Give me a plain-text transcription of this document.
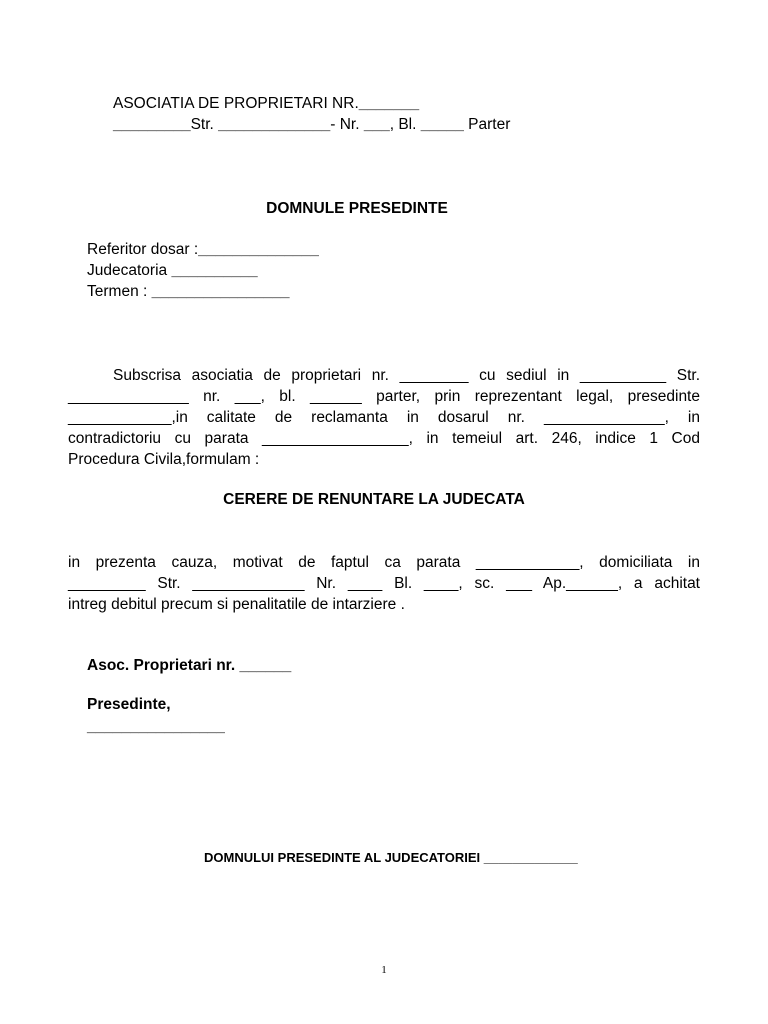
ASOCIATIA DE PROPRIETARI NR._______
_________Str. _____________- Nr. ___, Bl. _____ Parter
DOMNULE PRESEDINTE
Referitor dosar :______________
Judecatoria __________
Termen : ________________
Subscrisa asociatia de proprietari nr. ________ cu sediul in __________ Str.
______________ nr. ___, bl. ______ parter, prin reprezentant legal, presedinte
____________,in calitate de reclamanta in dosarul nr. ______________, in
contradictoriu cu parata _________________, in temeiul art. 246, indice 1 Cod
Procedura Civila,formulam :
CERERE DE RENUNTARE LA JUDECATA
in prezenta cauza, motivat de faptul ca parata ____________, domiciliata in
_________ Str. _____________ Nr. ____ Bl. ____, sc. ___ Ap.______, a achitat
intreg debitul precum si penalitatile de intarziere .
Asoc. Proprietari nr. ______
Presedinte,
________________
DOMNULUI PRESEDINTE AL JUDECATORIEI _____________
1
